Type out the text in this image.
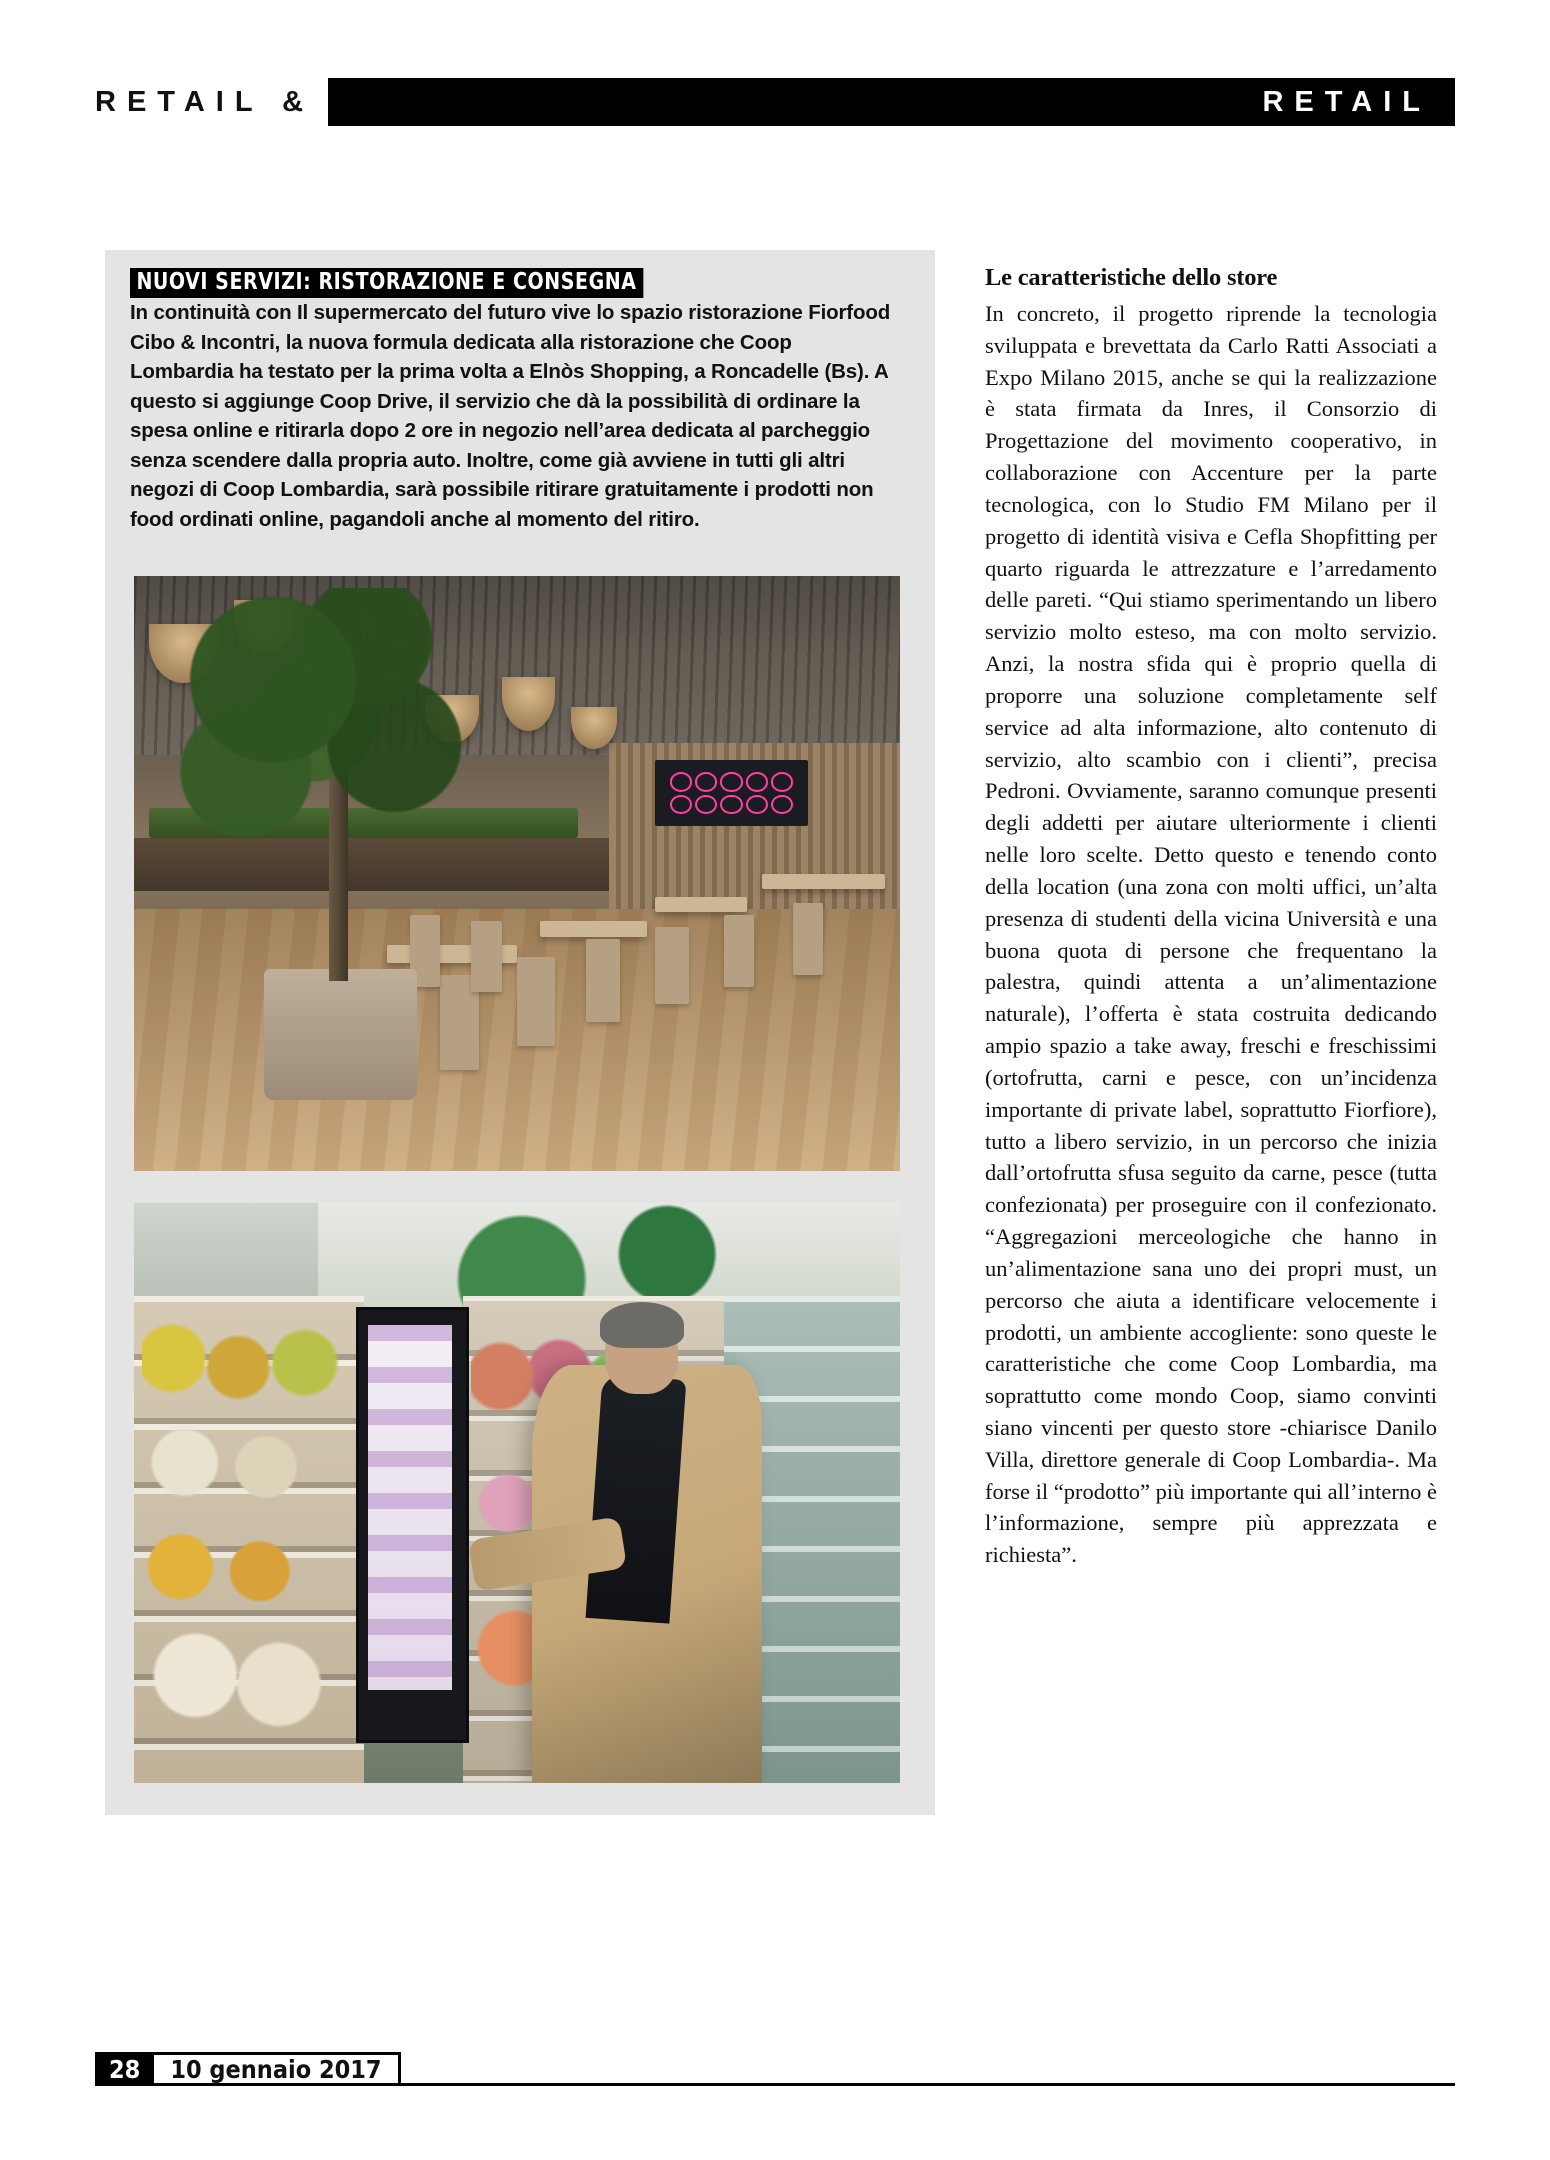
RETAIL &	RETAIL
NUOVI SERVIZI: RISTORAZIONE E CONSEGNA
In continuità con Il supermercato del futuro vive lo spazio ristorazione Fiorfood Cibo & Incontri, la nuova formula dedicata alla ristorazione che Coop Lombardia ha testato per la prima volta a Elnòs Shopping, a Roncadelle (Bs). A questo si aggiunge Coop Drive, il servizio che dà la possibilità di ordinare la spesa online e ritirarla dopo 2 ore in negozio nell’area dedicata al parcheggio senza scendere dalla propria auto. Inoltre, come già avviene in tutti gli altri negozi di Coop Lombardia, sarà possibile ritirare gratuitamente i prodotti non food ordinati online, pagandoli anche al momento del ritiro.
Le caratteristiche dello store
In concreto, il progetto riprende la tecnologia sviluppata e brevettata da Carlo Ratti Associati a Expo Milano 2015, anche se qui la realizzazione è stata firmata da Inres, il Consorzio di Progettazione del movimento cooperativo, in collaborazione con Accenture per la parte tecnologica, con lo Studio FM Milano per il progetto di identità visiva e Cefla Shopfitting per quarto riguarda le attrezzature e l’arredamento delle pareti. “Qui stiamo sperimentando un libero servizio molto esteso, ma con molto servizio. Anzi, la nostra sfida qui è proprio quella di proporre una soluzione completamente self service ad alta informazione, alto contenuto di servizio, alto scambio con i clienti”, precisa Pedroni. Ovviamente, saranno comunque presenti degli addetti per aiutare ulteriormente i clienti nelle loro scelte. Detto questo e tenendo conto della location (una zona con molti uffici, un’alta presenza di studenti della vicina Università e una buona quota di persone che frequentano la palestra, quindi attenta a un’alimentazione naturale), l’offerta è stata costruita dedicando ampio spazio a take away, freschi e freschissimi (ortofrutta, carni e pesce, con un’incidenza importante di private label, soprattutto Fiorfiore), tutto a libero servizio, in un percorso che inizia dall’ortofrutta sfusa seguito da carne, pesce (tutta confezionata) per proseguire con il confezionato. “Aggregazioni merceologiche che hanno in un’alimentazione sana uno dei propri must, un percorso che aiuta a identificare velocemente i prodotti, un ambiente accogliente: sono queste le caratteristiche che come Coop Lombardia, ma soprattutto come mondo Coop, siamo convinti siano vincenti per questo store -chiarisce Danilo Villa, direttore generale di Coop Lombardia-. Ma forse il “prodotto” più importante qui all’interno è l’informazione, sempre più apprezzata e richiesta”.
28	10 gennaio 2017
